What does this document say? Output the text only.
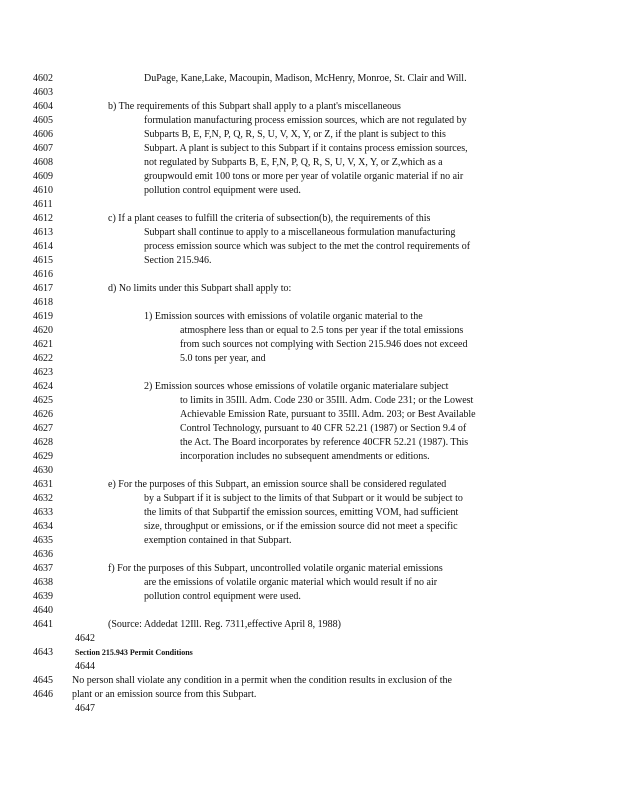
4602	DuPage, Kane,Lake, Macoupin, Madison, McHenry, Monroe, St. Clair and Will.
4603
4604	b) The requirements of this Subpart shall apply to a plant's miscellaneous
4605	formulation manufacturing process emission sources, which are not regulated by
4606	Subparts B, E, F,N, P, Q, R, S, U, V, X, Y, or Z, if the plant is subject to this
4607	Subpart. A plant is subject to this Subpart if it contains process emission sources,
4608	not regulated by Subparts B, E, F,N, P, Q, R, S, U, V, X, Y, or Z,which as a
4609	groupwould emit 100 tons or more per year of volatile organic material if no air
4610	pollution control equipment were used.
4611
4612	c) If a plant ceases to fulfill the criteria of subsection(b), the requirements of this
4613	Subpart shall continue to apply to a miscellaneous formulation manufacturing
4614	process emission source which was subject to the met the control requirements of
4615	Section 215.946.
4616
4617	d) No limits under this Subpart shall apply to:
4618
4619	1) Emission sources with emissions of volatile organic material to the
4620	atmosphere less than or equal to 2.5 tons per year if the total emissions
4621	from such sources not complying with Section 215.946 does not exceed
4622	5.0 tons per year, and
4623
4624	2) Emission sources whose emissions of volatile organic materialare subject
4625	to limits in 35Ill. Adm. Code 230 or 35Ill. Adm. Code 231; or the Lowest
4626	Achievable Emission Rate, pursuant to 35Ill. Adm. 203; or Best Available
4627	Control Technology, pursuant to 40 CFR 52.21 (1987) or Section 9.4 of
4628	the Act. The Board incorporates by reference 40CFR 52.21 (1987). This
4629	incorporation includes no subsequent amendments or editions.
4630
4631	e) For the purposes of this Subpart, an emission source shall be considered regulated
4632	by a Subpart if it is subject to the limits of that Subpart or it would be subject to
4633	the limits of that Subpartif the emission sources, emitting VOM, had sufficient
4634	size, throughput or emissions, or if the emission source did not meet a specific
4635	exemption contained in that Subpart.
4636
4637	f) For the purposes of this Subpart, uncontrolled volatile organic material emissions
4638	are the emissions of volatile organic material which would result if no air
4639	pollution control equipment were used.
4640
4641	(Source: Addedat 12Ill. Reg. 7311,effective April 8, 1988)
4642
4643	Section 215.943 Permit Conditions
4644
4645 No person shall violate any condition in a permit when the condition results in exclusion of the
4646 plant or an emission source from this Subpart.
4647
